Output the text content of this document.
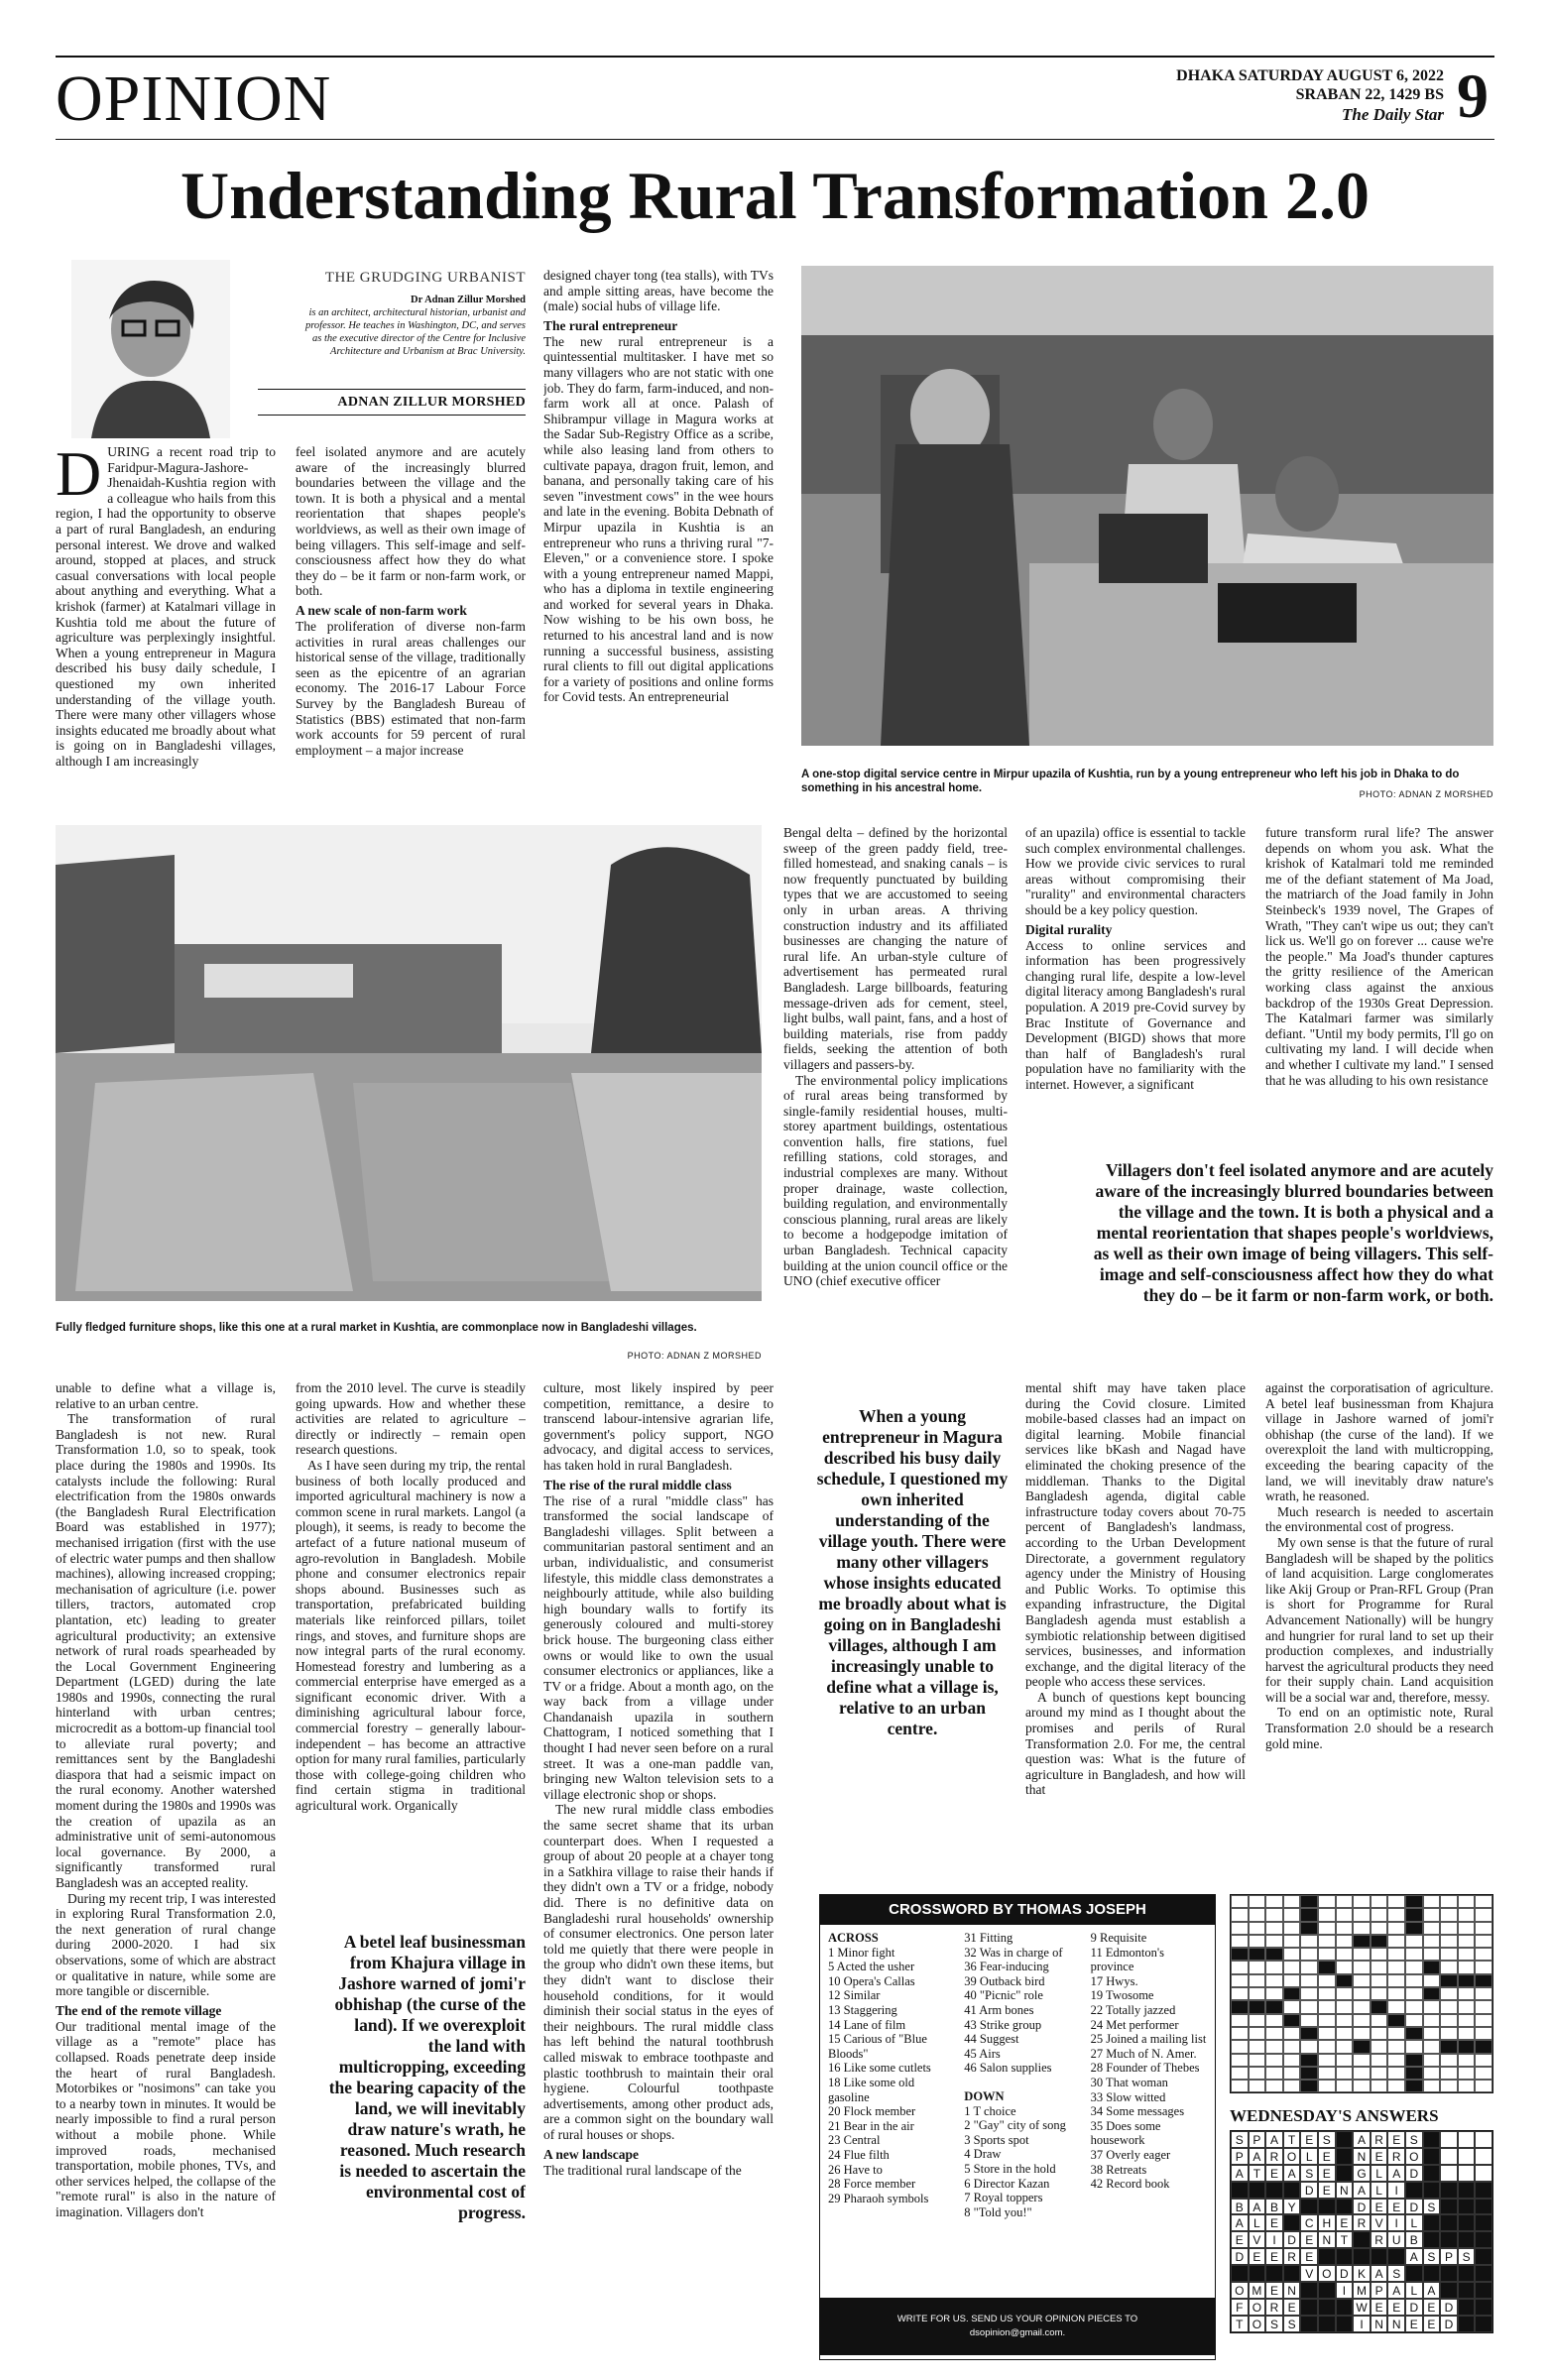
OPINION	DHAKA SATURDAY AUGUST 6, 2022
SRABAN 22, 1429 BS
The Daily Star 9
Understanding Rural Transformation 2.0
THE GRUDGING URBANIST
Dr Adnan Zillur Morshed
is an architect, architectural historian, urbanist and professor. He teaches in Washington, DC, and serves as the executive director of the Centre for Inclusive Architecture and Urbanism at Brac University.
ADNAN ZILLUR MORSHED
DURING a recent road trip to Faridpur-Magura-Jashore-Jhenaidah-Kushtia region with a colleague who hails from this region, I had the opportunity to observe a part of rural Bangladesh, an enduring personal interest. We drove and walked around, stopped at places, and struck casual conversations with local people about anything and everything. What a krishok (farmer) at Katalmari village in Kushtia told me about the future of agriculture was perplexingly insightful. When a young entrepreneur in Magura described his busy daily schedule, I questioned my own inherited understanding of the village youth. There were many other villagers whose insights educated me broadly about what is going on in Bangladeshi villages, although I am increasingly
feel isolated anymore and are acutely aware of the increasingly blurred boundaries between the village and the town. It is both a physical and a mental reorientation that shapes people's worldviews, as well as their own image of being villagers. This self-image and self-consciousness affect how they do what they do – be it farm or non-farm work, or both.
A new scale of non-farm work
The proliferation of diverse non-farm activities in rural areas challenges our historical sense of the village, traditionally seen as the epicentre of an agrarian economy. The 2016-17 Labour Force Survey by the Bangladesh Bureau of Statistics (BBS) estimated that non-farm work accounts for 59 percent of rural employment – a major increase
designed chayer tong (tea stalls), with TVs and ample sitting areas, have become the (male) social hubs of village life.
The rural entrepreneur
The new rural entrepreneur is a quintessential multitasker. I have met so many villagers who are not static with one job. They do farm, farm-induced, and non-farm work all at once. Palash of Shibrampur village in Magura works at the Sadar Sub-Registry Office as a scribe, while also leasing land from others to cultivate papaya, dragon fruit, lemon, and banana, and personally taking care of his seven "investment cows" in the wee hours and late in the evening. Bobita Debnath of Mirpur upazila in Kushtia is an entrepreneur who runs a thriving rural "7-Eleven," or a convenience store. I spoke with a young entrepreneur named Mappi, who has a diploma in textile engineering and worked for several years in Dhaka. Now wishing to be his own boss, he returned to his ancestral land and is now running a successful business, assisting rural clients to fill out digital applications for a variety of positions and online forms for Covid tests. An entrepreneurial
A one-stop digital service centre in Mirpur upazila of Kushtia, run by a young entrepreneur who left his job in Dhaka to do something in his ancestral home.	PHOTO: ADNAN Z MORSHED
Fully fledged furniture shops, like this one at a rural market in Kushtia, are commonplace now in Bangladeshi villages.
PHOTO: ADNAN Z MORSHED
Bengal delta – defined by the horizontal sweep of the green paddy field, tree-filled homestead, and snaking canals – is now frequently punctuated by building types that we are accustomed to seeing only in urban areas. A thriving construction industry and its affiliated businesses are changing the nature of rural life. An urban-style culture of advertisement has permeated rural Bangladesh. Large billboards, featuring message-driven ads for cement, steel, light bulbs, wall paint, fans, and a host of building materials, rise from paddy fields, seeking the attention of both villagers and passers-by.

The environmental policy implications of rural areas being transformed by single-family residential houses, multi-storey apartment buildings, ostentatious convention halls, fire stations, fuel refilling stations, cold storages, and industrial complexes are many. Without proper drainage, waste collection, building regulation, and environmentally conscious planning, rural areas are likely to become a hodgepodge imitation of urban Bangladesh. Technical capacity building at the union council office or the UNO (chief executive officer

of an upazila) office is essential to tackle such complex environmental challenges. How we provide civic services to rural areas without compromising their "rurality" and environmental characters should be a key policy question.
Digital rurality
Access to online services and information has been progressively changing rural life, despite a low-level digital literacy among Bangladesh's rural population. A 2019 pre-Covid survey by Brac Institute of Governance and Development (BIGD) shows that more than half of Bangladesh's rural population have no familiarity with the internet. However, a significant
future transform rural life? The answer depends on whom you ask. What the krishok of Katalmari told me reminded me of the defiant statement of Ma Joad, the matriarch of the Joad family in John Steinbeck's 1939 novel, The Grapes of Wrath, "They can't wipe us out; they can't lick us. We'll go on forever ... cause we're the people." Ma Joad's thunder captures the gritty resilience of the American working class against the anxious backdrop of the 1930s Great Depression. The Katalmari farmer was similarly defiant. "Until my body permits, I'll go on cultivating my land. I will decide when and whether I cultivate my land." I sensed that he was alluding to his own resistance
Villagers don't feel isolated anymore and are acutely aware of the increasingly blurred boundaries between the village and the town. It is both a physical and a mental reorientation that shapes people's worldviews, as well as their own image of being villagers. This self-image and self-consciousness affect how they do what they do – be it farm or non-farm work, or both.
unable to define what a village is, relative to an urban centre.

The transformation of rural Bangladesh is not new. Rural Transformation 1.0, so to speak, took place during the 1980s and 1990s. Its catalysts include the following: Rural electrification from the 1980s onwards (the Bangladesh Rural Electrification Board was established in 1977); mechanised irrigation (first with the use of electric water pumps and then shallow machines), allowing increased cropping; mechanisation of agriculture (i.e. power tillers, tractors, automated crop plantation, etc) leading to greater agricultural productivity; an extensive network of rural roads spearheaded by the Local Government Engineering Department (LGED) during the late 1980s and 1990s, connecting the rural hinterland with urban centres; microcredit as a bottom-up financial tool to alleviate rural poverty; and remittances sent by the Bangladeshi diaspora that had a seismic impact on the rural economy. Another watershed moment during the 1980s and 1990s was the creation of upazila as an administrative unit of semi-autonomous local governance. By 2000, a significantly transformed rural Bangladesh was an accepted reality.

During my recent trip, I was interested in exploring Rural Transformation 2.0, the next generation of rural change during 2000-2020. I had six observations, some of which are abstract or qualitative in nature, while some are more tangible or discernible.

The end of the remote village
Our traditional mental image of the village as a "remote" place has collapsed. Roads penetrate deep inside the heart of rural Bangladesh. Motorbikes or "nosimons" can take you to a nearby town in minutes. It would be nearly impossible to find a rural person without a mobile phone. While improved roads, mechanised transportation, mobile phones, TVs, and other services helped, the collapse of the "remote rural" is also in the nature of imagination. Villagers don't
from the 2010 level. The curve is steadily going upwards. How and whether these activities are related to agriculture – directly or indirectly – remain open research questions.

As I have seen during my trip, the rental business of both locally produced and imported agricultural machinery is now a common scene in rural markets. Langol (a plough), it seems, is ready to become the artefact of a future national museum of agro-revolution in Bangladesh. Mobile phone and consumer electronics repair shops abound. Businesses such as transportation, prefabricated building materials like reinforced pillars, toilet rings, and stoves, and furniture shops are now integral parts of the rural economy. Homestead forestry and lumbering as a commercial enterprise have emerged as a significant economic driver. With a diminishing agricultural labour force, commercial forestry – generally labour-independent – has become an attractive option for many rural families, particularly those with college-going children who find certain stigma in traditional agricultural work. Organically

A betel leaf businessman from Khajura village in Jashore warned of jomi'r obhishap (the curse of the land). If we overexploit the land with multicropping, exceeding the bearing capacity of the land, we will inevitably draw nature's wrath, he reasoned. Much research is needed to ascertain the environmental cost of progress.
culture, most likely inspired by peer competition, remittance, a desire to transcend labour-intensive agrarian life, government's policy support, NGO advocacy, and digital access to services, has taken hold in rural Bangladesh.
The rise of the rural middle class
The rise of a rural "middle class" has transformed the social landscape of Bangladeshi villages. Split between a communitarian pastoral sentiment and an urban, individualistic, and consumerist lifestyle, this middle class demonstrates a neighbourly attitude, while also building high boundary walls to fortify its generously coloured and multi-storey brick house. The burgeoning class either owns or would like to own the usual consumer electronics or appliances, like a TV or a fridge. About a month ago, on the way back from a village under Chandanaish upazila in southern Chattogram, I noticed something that I thought I had never seen before on a rural street. It was a one-man paddle van, bringing new Walton television sets to a village electronic shop or shops.

The new rural middle class embodies the same secret shame that its urban counterpart does. When I requested a group of about 20 people at a chayer tong in a Satkhira village to raise their hands if they didn't own a TV or a fridge, nobody did. There is no definitive data on Bangladeshi rural households' ownership of consumer electronics. One person later told me quietly that there were people in the group who didn't own these items, but they didn't want to disclose their household conditions, for it would diminish their social status in the eyes of their neighbours. The rural middle class has left behind the natural toothbrush called miswak to embrace toothpaste and plastic toothbrush to maintain their oral hygiene. Colourful toothpaste advertisements, among other product ads, are a common sight on the boundary wall of rural houses or shops.

A new landscape
The traditional rural landscape of the
When a young entrepreneur in Magura described his busy daily schedule, I questioned my own inherited understanding of the village youth. There were many other villagers whose insights educated me broadly about what is going on in Bangladeshi villages, although I am increasingly unable to define what a village is, relative to an urban centre.
mental shift may have taken place during the Covid closure. Limited mobile-based classes had an impact on digital learning. Mobile financial services like bKash and Nagad have eliminated the choking presence of the middleman. Thanks to the Digital Bangladesh agenda, digital cable infrastructure today covers about 70-75 percent of Bangladesh's landmass, according to the Urban Development Directorate, a government regulatory agency under the Ministry of Housing and Public Works. To optimise this expanding infrastructure, the Digital Bangladesh agenda must establish a symbiotic relationship between digitised services, businesses, and information exchange, and the digital literacy of the people who access these services.

A bunch of questions kept bouncing around my mind as I thought about the promises and perils of Rural Transformation 2.0. For me, the central question was: What is the future of agriculture in Bangladesh, and how will that

against the corporatisation of agriculture. A betel leaf businessman from Khajura village in Jashore warned of jomi'r obhishap (the curse of the land). If we overexploit the land with multicropping, exceeding the bearing capacity of the land, we will inevitably draw nature's wrath, he reasoned.

Much research is needed to ascertain the environmental cost of progress.

My own sense is that the future of rural Bangladesh will be shaped by the politics of land acquisition. Large conglomerates like Akij Group or Pran-RFL Group (Pran is short for Programme for Rural Advancement Nationally) will be hungry and hungrier for rural land to set up their production complexes, and industrially harvest the agricultural products they need for their supply chain. Land acquisition will be a social war and, therefore, messy.

To end on an optimistic note, Rural Transformation 2.0 should be a research gold mine.

CROSSWORD BY THOMAS JOSEPH
ACROSS
1 Minor fight
5 Acted the usher
10 Opera's Callas
12 Similar
13 Staggering
14 Lane of film
15 Carious of "Blue Bloods"
16 Like some cutlets
18 Like some old gasoline
20 Flock member
21 Bear in the air
23 Central
24 Flue filth
26 Have to
28 Force member
29 Pharaoh symbols
31 Fitting
32 Was in charge of
36 Fear-inducing
39 Outback bird
40 "Picnic" role
41 Arm bones
43 Strike group
44 Suggest
45 Airs
46 Salon supplies
DOWN
1 T choice
2 "Gay" city of song
3 Sports spot
4 Draw
5 Store in the hold
6 Director Kazan
7 Royal toppers
8 "Told you!"
9 Requisite
11 Edmonton's province
17 Hwys.
19 Twosome
22 Totally jazzed
24 Met performer
25 Joined a mailing list
27 Much of N. Amer.
28 Founder of Thebes
30 That woman
33 Slow witted
34 Some messages
35 Does some housework
37 Overly eager
38 Retreats
42 Record book
WRITE FOR US. SEND US YOUR OPINION PIECES TO
dsopinion@gmail.com.
WEDNESDAY'S ANSWERS
S P A T E S	A R E S
P A R O L E	N E R O
A T E A S E	G L A D
D E N A L	I
B A B Y	D E E D S
A L E	C H E R V I	L
E V I D E N T	R U B
D E E R E	A S P S
V O D K A S
O M E N	I M P A L A
F O R E	W E E D E D
T O S S	I N N E E D
